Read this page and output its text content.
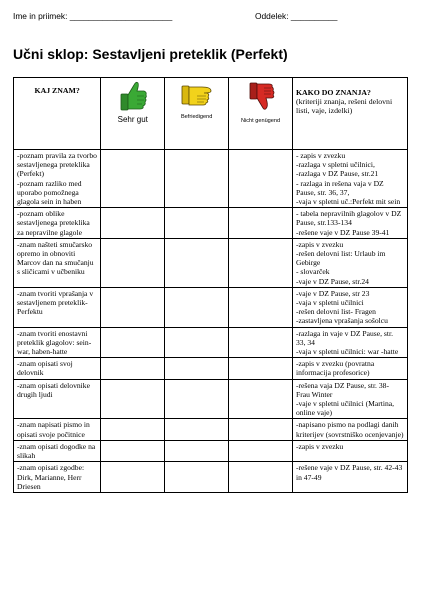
Ime in priimek: ______________________	Oddelek: __________
Učni sklop: Sestavljeni preteklik (Perfekt)
KAJ ZNAM?	Sehr gut	Befriedigend	Nicht genügend	KAKO DO ZNANJA?
(kriteriji znanja, rešeni delovni listi, vaje, izdelki)

-poznam pravila za tvorbo sestavljenega preteklika (Perfekt)
-poznam razliko med uporabo pomožnega glagola sein in haben				- zapis v zvezku
-razlaga v spletni učilnici,
-razlaga v DZ Pause, str.21
- razlaga in rešena vaja v DZ Pause, str. 36, 37,
-vaja v spletni uč.:Perfekt mit sein

-poznam oblike sestavljenega preteklika za nepravilne glagole				- tabela nepravilnih glagolov v DZ Pause, str.133-134
-rešene vaje v DZ Pause 39-41

-znam našteti smučarsko opremo in obnoviti Marcov dan na smučanju s sličicami v učbeniku				-zapis v zvezku
-rešen delovni list: Urlaub im Gebirge
- slovarček
-vaje v DZ Pause, str.24

-znam tvoriti vprašanja v sestavljenem preteklik- Perfektu				-vaje v DZ Pause, str 23
-vaja v spletni učilnici
-rešen delovni list- Fragen
-zastavljena vprašanja sošolcu

-znam tvoriti enostavni preteklik glagolov: sein-war, haben-hatte				-razlaga in vaje v DZ Pause, str. 33, 34
-vaja v spletni učilnici: war -hatte

-znam opisati svoj delovnik				-zapis v zvezku (povratna informacija profesorice)

-znam opisati delovnike drugih ljudi				-rešena vaja DZ Pause, str. 38- Frau Winter
-vaje v spletni učilnici (Martina, online vaje)

-znam napisati pismo in opisati svoje počitnice				-napisano pismo na podlagi danih kriterijev (sovrstniško ocenjevanje)

-znam opisati dogodke na slikah				-zapis v zvezku

-znam opisati zgodbe: Dirk, Marianne, Herr Driesen				-rešene vaje v DZ Pause, str. 42-43 in 47-49
